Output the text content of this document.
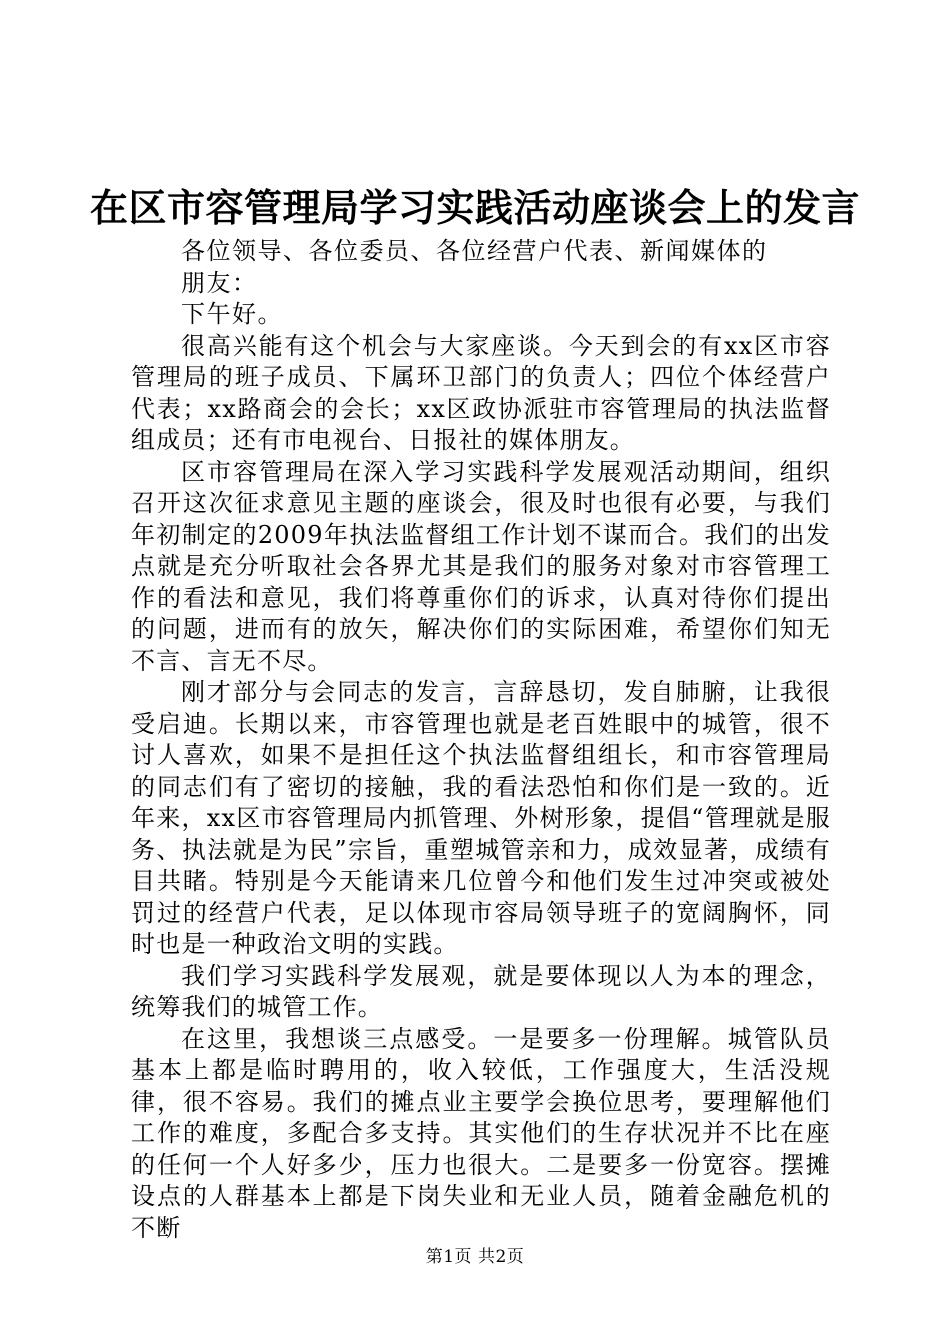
在区市容管理局学习实践活动座谈会上的发言

各位领导、各位委员、各位经营户代表、新闻媒体的朋友：

下午好。

很高兴能有这个机会与大家座谈。今天到会的有xx区市容管理局的班子成员、下属环卫部门的负责人；四位个体经营户代表；xx路商会的会长；xx区政协派驻市容管理局的执法监督组成员；还有市电视台、日报社的媒体朋友。

区市容管理局在深入学习实践科学发展观活动期间，组织召开这次征求意见主题的座谈会，很及时也很有必要，与我们年初制定的2009年执法监督组工作计划不谋而合。我们的出发点就是充分听取社会各界尤其是我们的服务对象对市容管理工作的看法和意见，我们将尊重你们的诉求，认真对待你们提出的问题，进而有的放矢，解决你们的实际困难，希望你们知无不言、言无不尽。

刚才部分与会同志的发言，言辞恳切，发自肺腑，让我很受启迪。长期以来，市容管理也就是老百姓眼中的城管，很不讨人喜欢，如果不是担任这个执法监督组组长，和市容管理局的同志们有了密切的接触，我的看法恐怕和你们是一致的。近年来，xx区市容管理局内抓管理、外树形象，提倡“管理就是服务、执法就是为民”宗旨，重塑城管亲和力，成效显著，成绩有目共睹。特别是今天能请来几位曾今和他们发生过冲突或被处罚过的经营户代表，足以体现市容局领导班子的宽阔胸怀，同时也是一种政治文明的实践。

我们学习实践科学发展观，就是要体现以人为本的理念，统筹我们的城管工作。

在这里，我想谈三点感受。一是要多一份理解。城管队员基本上都是临时聘用的，收入较低，工作强度大，生活没规律，很不容易。我们的摊点业主要学会换位思考，要理解他们工作的难度，多配合多支持。其实他们的生存状况并不比在座的任何一个人好多少，压力也很大。二是要多一份宽容。摆摊设点的人群基本上都是下岗失业和无业人员，随着金融危机的不断

第1页 共2页
